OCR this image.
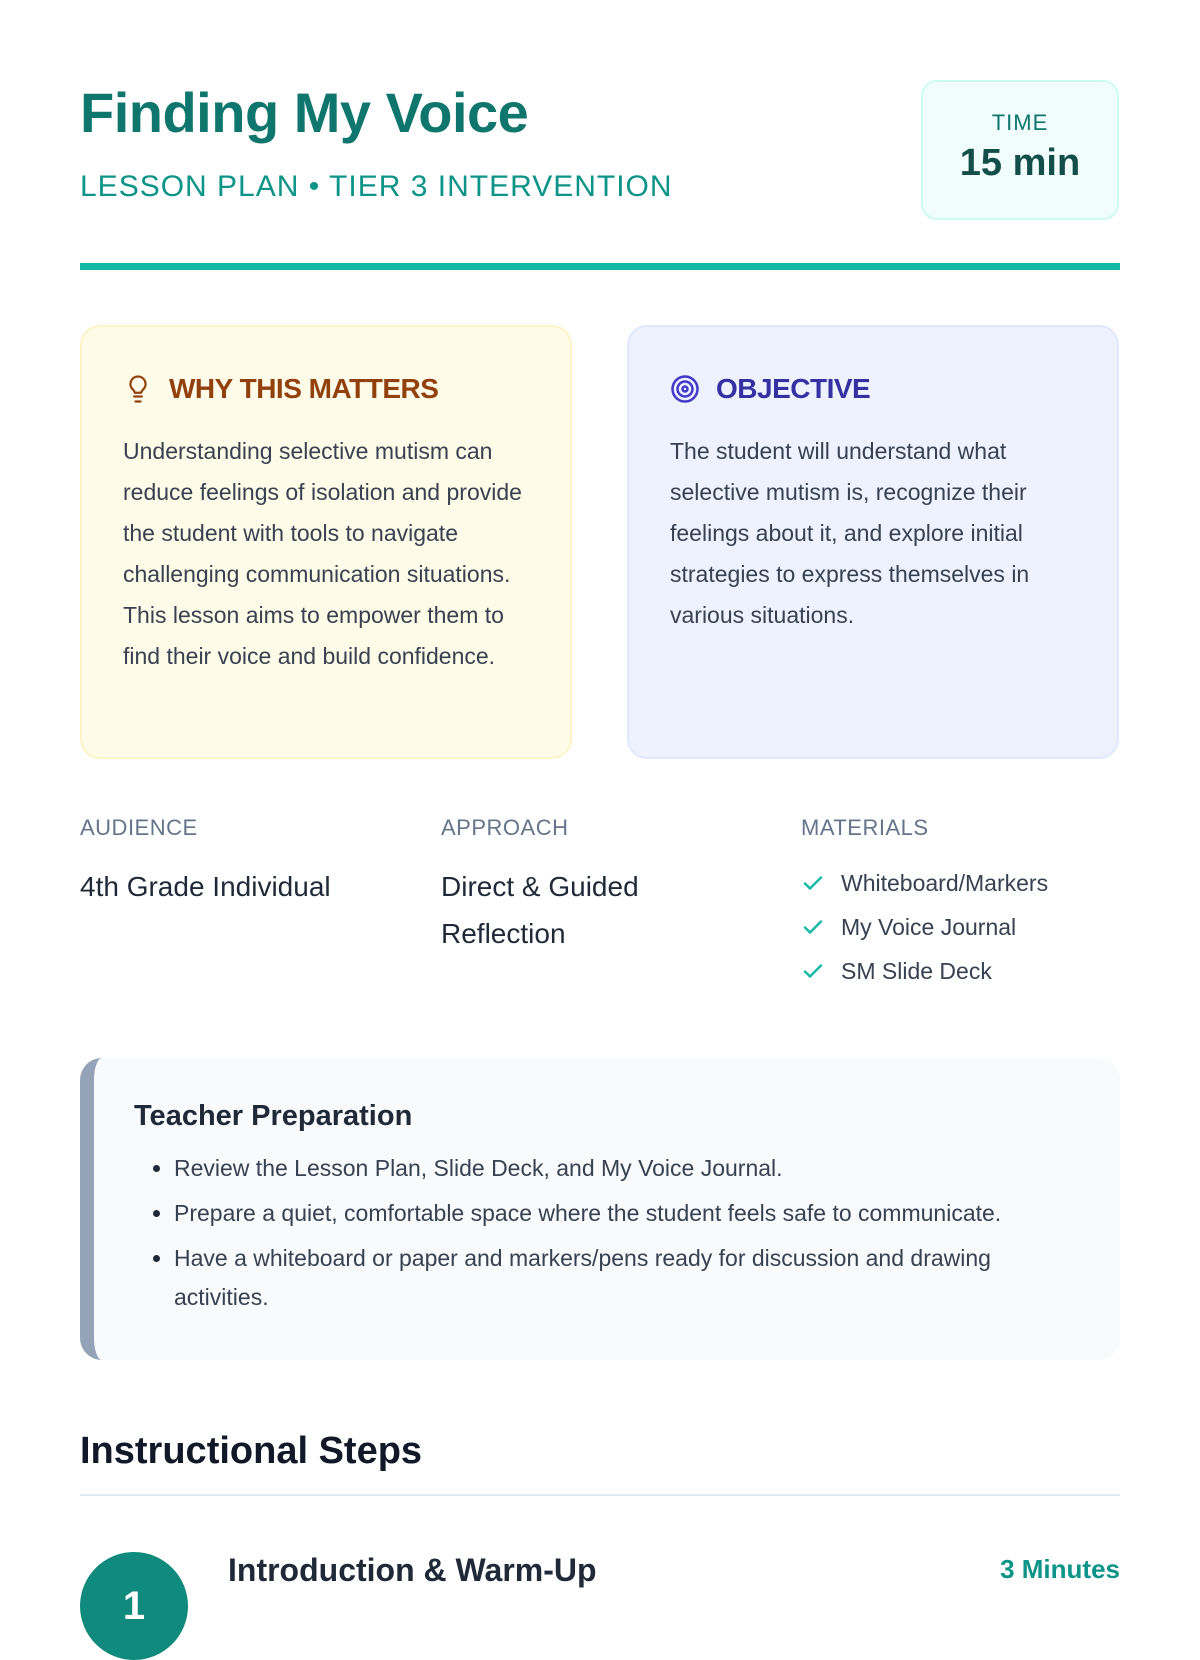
Finding My Voice
LESSON PLAN • TIER 3 INTERVENTION
TIME
15 min
WHY THIS MATTERS
Understanding selective mutism can reduce feelings of isolation and provide the student with tools to navigate challenging communication situations. This lesson aims to empower them to find their voice and build confidence.
OBJECTIVE
The student will understand what selective mutism is, recognize their feelings about it, and explore initial strategies to express themselves in various situations.
AUDIENCE
4th Grade Individual
APPROACH
Direct & Guided Reflection
MATERIALS
Whiteboard/Markers
My Voice Journal
SM Slide Deck
Teacher Preparation
• Review the Lesson Plan, Slide Deck, and My Voice Journal.
• Prepare a quiet, comfortable space where the student feels safe to communicate.
• Have a whiteboard or paper and markers/pens ready for discussion and drawing activities.
Instructional Steps
1
Introduction & Warm-Up	3 Minutes
